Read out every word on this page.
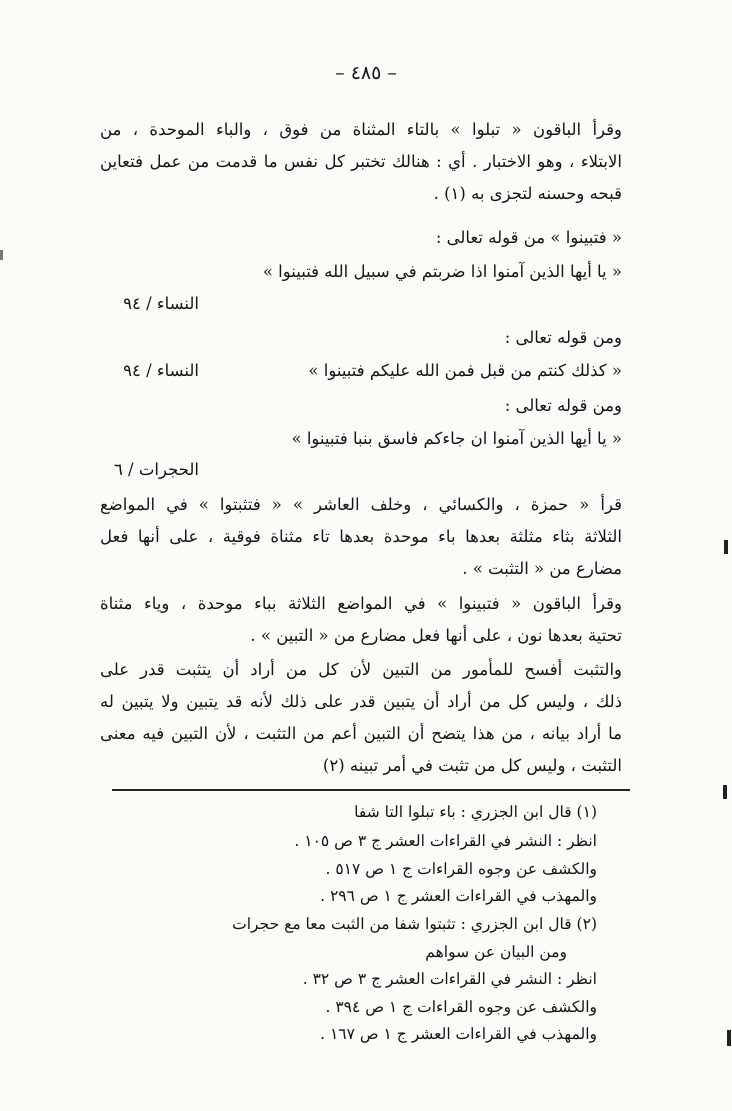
– ٤٨٥ –
وقرأ الباقون « تبلوا » بالتاء المثناة من فوق ، والباء الموحدة ، من
الابتلاء ، وهو الاختبار . أي : هنالك تختبر كل نفس ما قدمت من عمل فتعاين
قبحه وحسنه لتجزى به (١) .
« فتبينوا » من قوله تعالى :
« يا أيها الذين آمنوا اذا ضربتم في سبيل الله فتبينوا »
النساء / ٩٤
ومن قوله تعالى :
« كذلك كنتم من قبل فمن الله عليكم فتبينوا »
النساء / ٩٤
ومن قوله تعالى :
« يا أيها الذين آمنوا ان جاءكم فاسق بنبا فتبينوا »
الحجرات / ٦
قرأ « حمزة ، والكسائي ، وخلف العاشر » « فتثبتوا » في المواضع
الثلاثة بثاء مثلثة بعدها باء موحدة بعدها تاء مثناة فوقية ، على أنها فعل
مضارع من « التثبت » .
وقرأ الباقون « فتبينوا » في المواضع الثلاثة بباء موحدة ، وياء مثناة
تحتية بعدها نون ، على أنها فعل مضارع من « التبين » .
والتثبت أفسح للمأمور من التبين لأن كل من أراد أن يتثبت قدر على
ذلك ، وليس كل من أراد أن يتبين قدر على ذلك لأنه قد يتبين ولا يتبين له
ما أراد بيانه ، من هذا يتضح أن التبين أعم من التثبت ، لأن التبين فيه معنى
التثبت ، وليس كل من تثبت في أمر تبينه (٢)
(١) قال ابن الجزري : باء تبلوا التا شفا
انظر : النشر في القراءات العشر ج ٣ ص ١٠٥ .
والكشف عن وجوه القراءات ج ١ ص ٥١٧ .
والمهذب في القراءات العشر ج ١ ص ٢٩٦ .
(٢) قال ابن الجزري : تثبتوا شفا من الثبت معا مع حجرات
ومن البيان عن سواهم
انظر : النشر في القراءات العشر ج ٣ ص ٣٢ .
والكشف عن وجوه القراءات ج ١ ص ٣٩٤ .
والمهذب في القراءات العشر ج ١ ص ١٦٧ .
